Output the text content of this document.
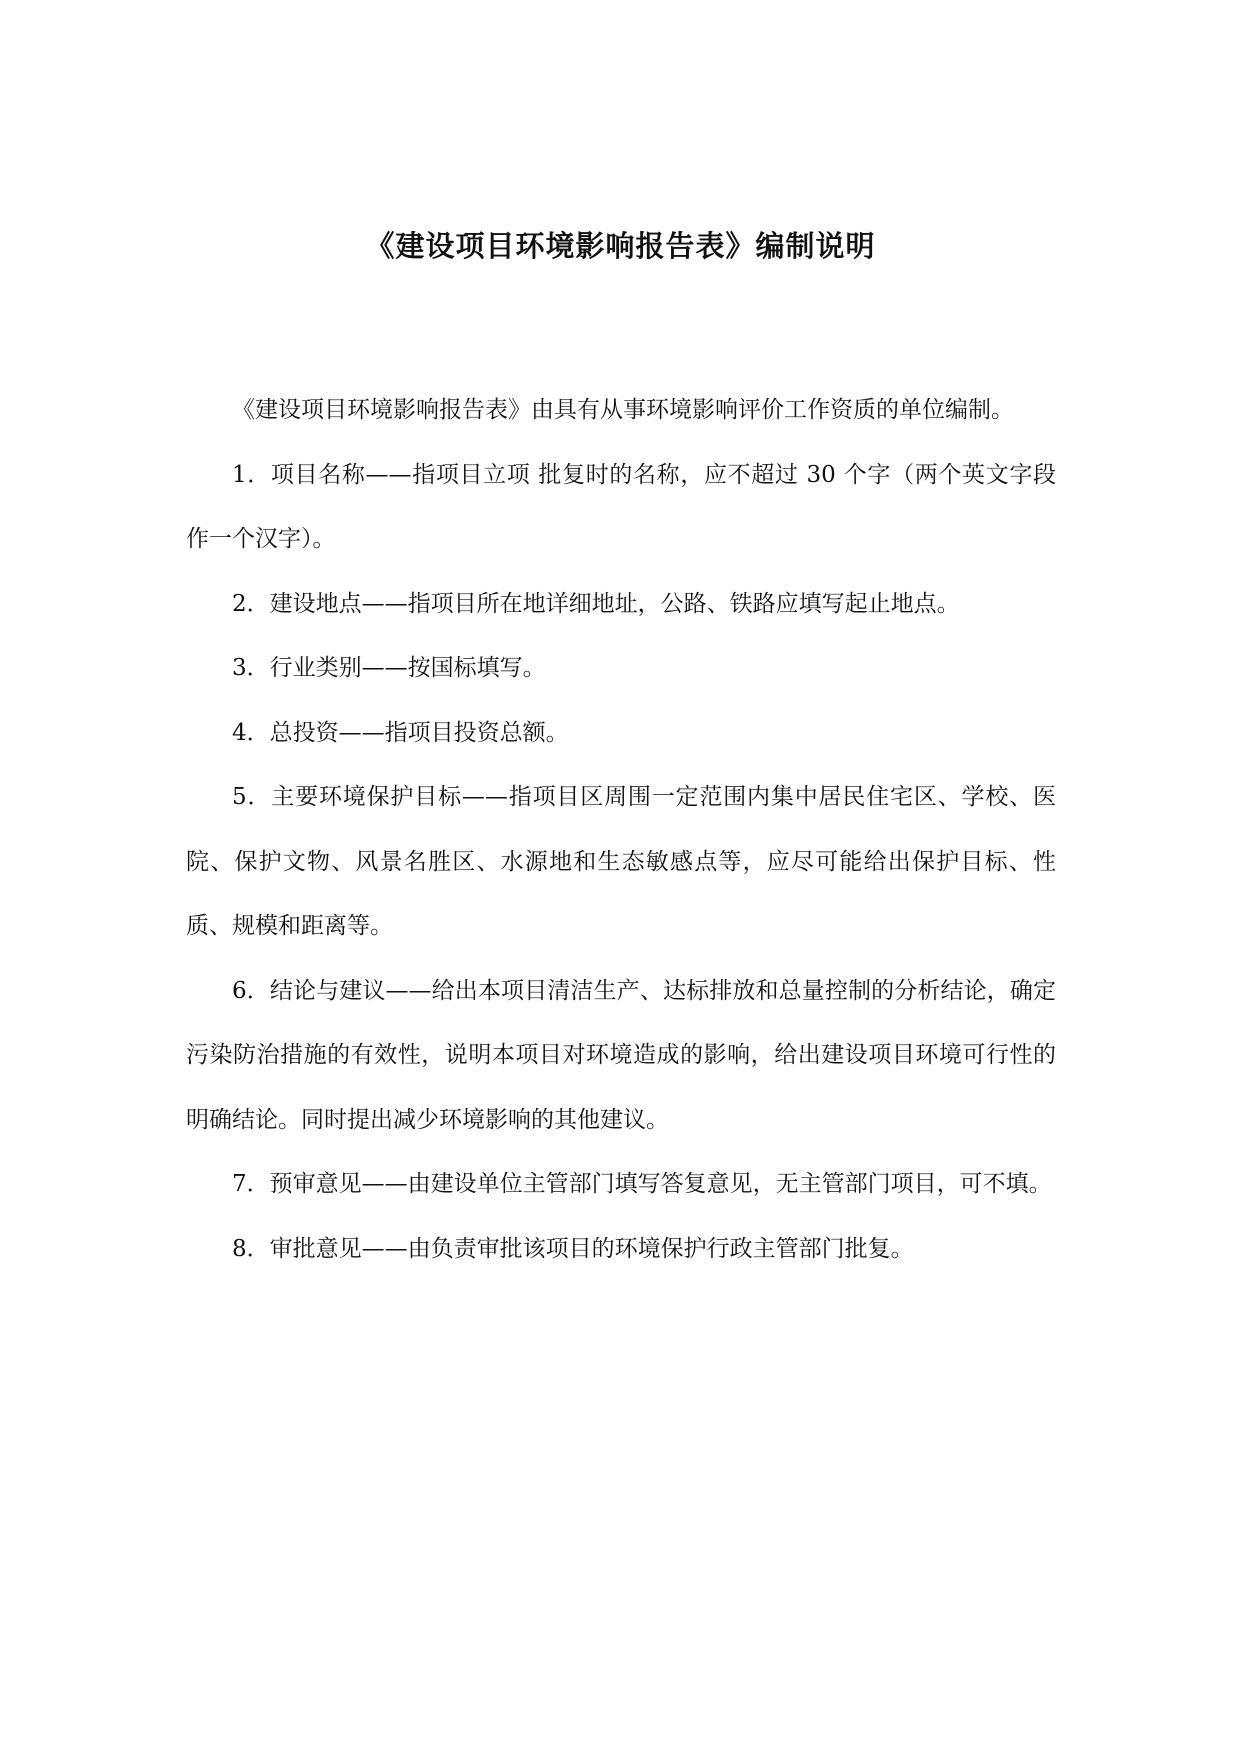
《建设项目环境影响报告表》编制说明

《建设项目环境影响报告表》由具有从事环境影响评价工作资质的单位编制。

1．项目名称——指项目立项 批复时的名称，应不超过 30 个字（两个英文字段作一个汉字）。

2．建设地点——指项目所在地详细地址，公路、铁路应填写起止地点。

3．行业类别——按国标填写。

4．总投资——指项目投资总额。

5．主要环境保护目标——指项目区周围一定范围内集中居民住宅区、学校、医院、保护文物、风景名胜区、水源地和生态敏感点等，应尽可能给出保护目标、性质、规模和距离等。

6．结论与建议——给出本项目清洁生产、达标排放和总量控制的分析结论，确定污染防治措施的有效性，说明本项目对环境造成的影响，给出建设项目环境可行性的明确结论。同时提出减少环境影响的其他建议。

7．预审意见——由建设单位主管部门填写答复意见，无主管部门项目，可不填。

8．审批意见——由负责审批该项目的环境保护行政主管部门批复。
